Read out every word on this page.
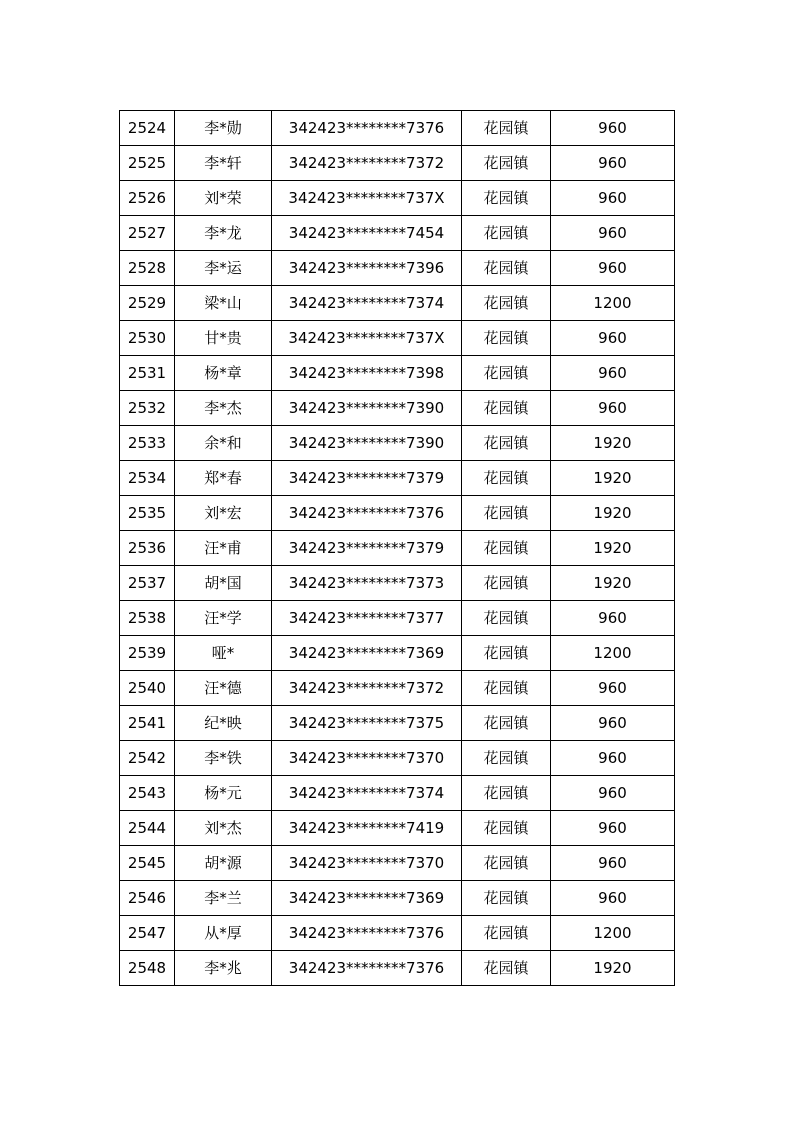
2524	李*勋	342423********7376	花园镇	960
2525	李*轩	342423********7372	花园镇	960
2526	刘*荣	342423********737X	花园镇	960
2527	李*龙	342423********7454	花园镇	960
2528	李*运	342423********7396	花园镇	960
2529	梁*山	342423********7374	花园镇	1200
2530	甘*贵	342423********737X	花园镇	960
2531	杨*章	342423********7398	花园镇	960
2532	李*杰	342423********7390	花园镇	960
2533	余*和	342423********7390	花园镇	1920
2534	郑*春	342423********7379	花园镇	1920
2535	刘*宏	342423********7376	花园镇	1920
2536	汪*甫	342423********7379	花园镇	1920
2537	胡*国	342423********7373	花园镇	1920
2538	汪*学	342423********7377	花园镇	960
2539	哑*	342423********7369	花园镇	1200
2540	汪*德	342423********7372	花园镇	960
2541	纪*映	342423********7375	花园镇	960
2542	李*铁	342423********7370	花园镇	960
2543	杨*元	342423********7374	花园镇	960
2544	刘*杰	342423********7419	花园镇	960
2545	胡*源	342423********7370	花园镇	960
2546	李*兰	342423********7369	花园镇	960
2547	从*厚	342423********7376	花园镇	1200
2548	李*兆	342423********7376	花园镇	1920
